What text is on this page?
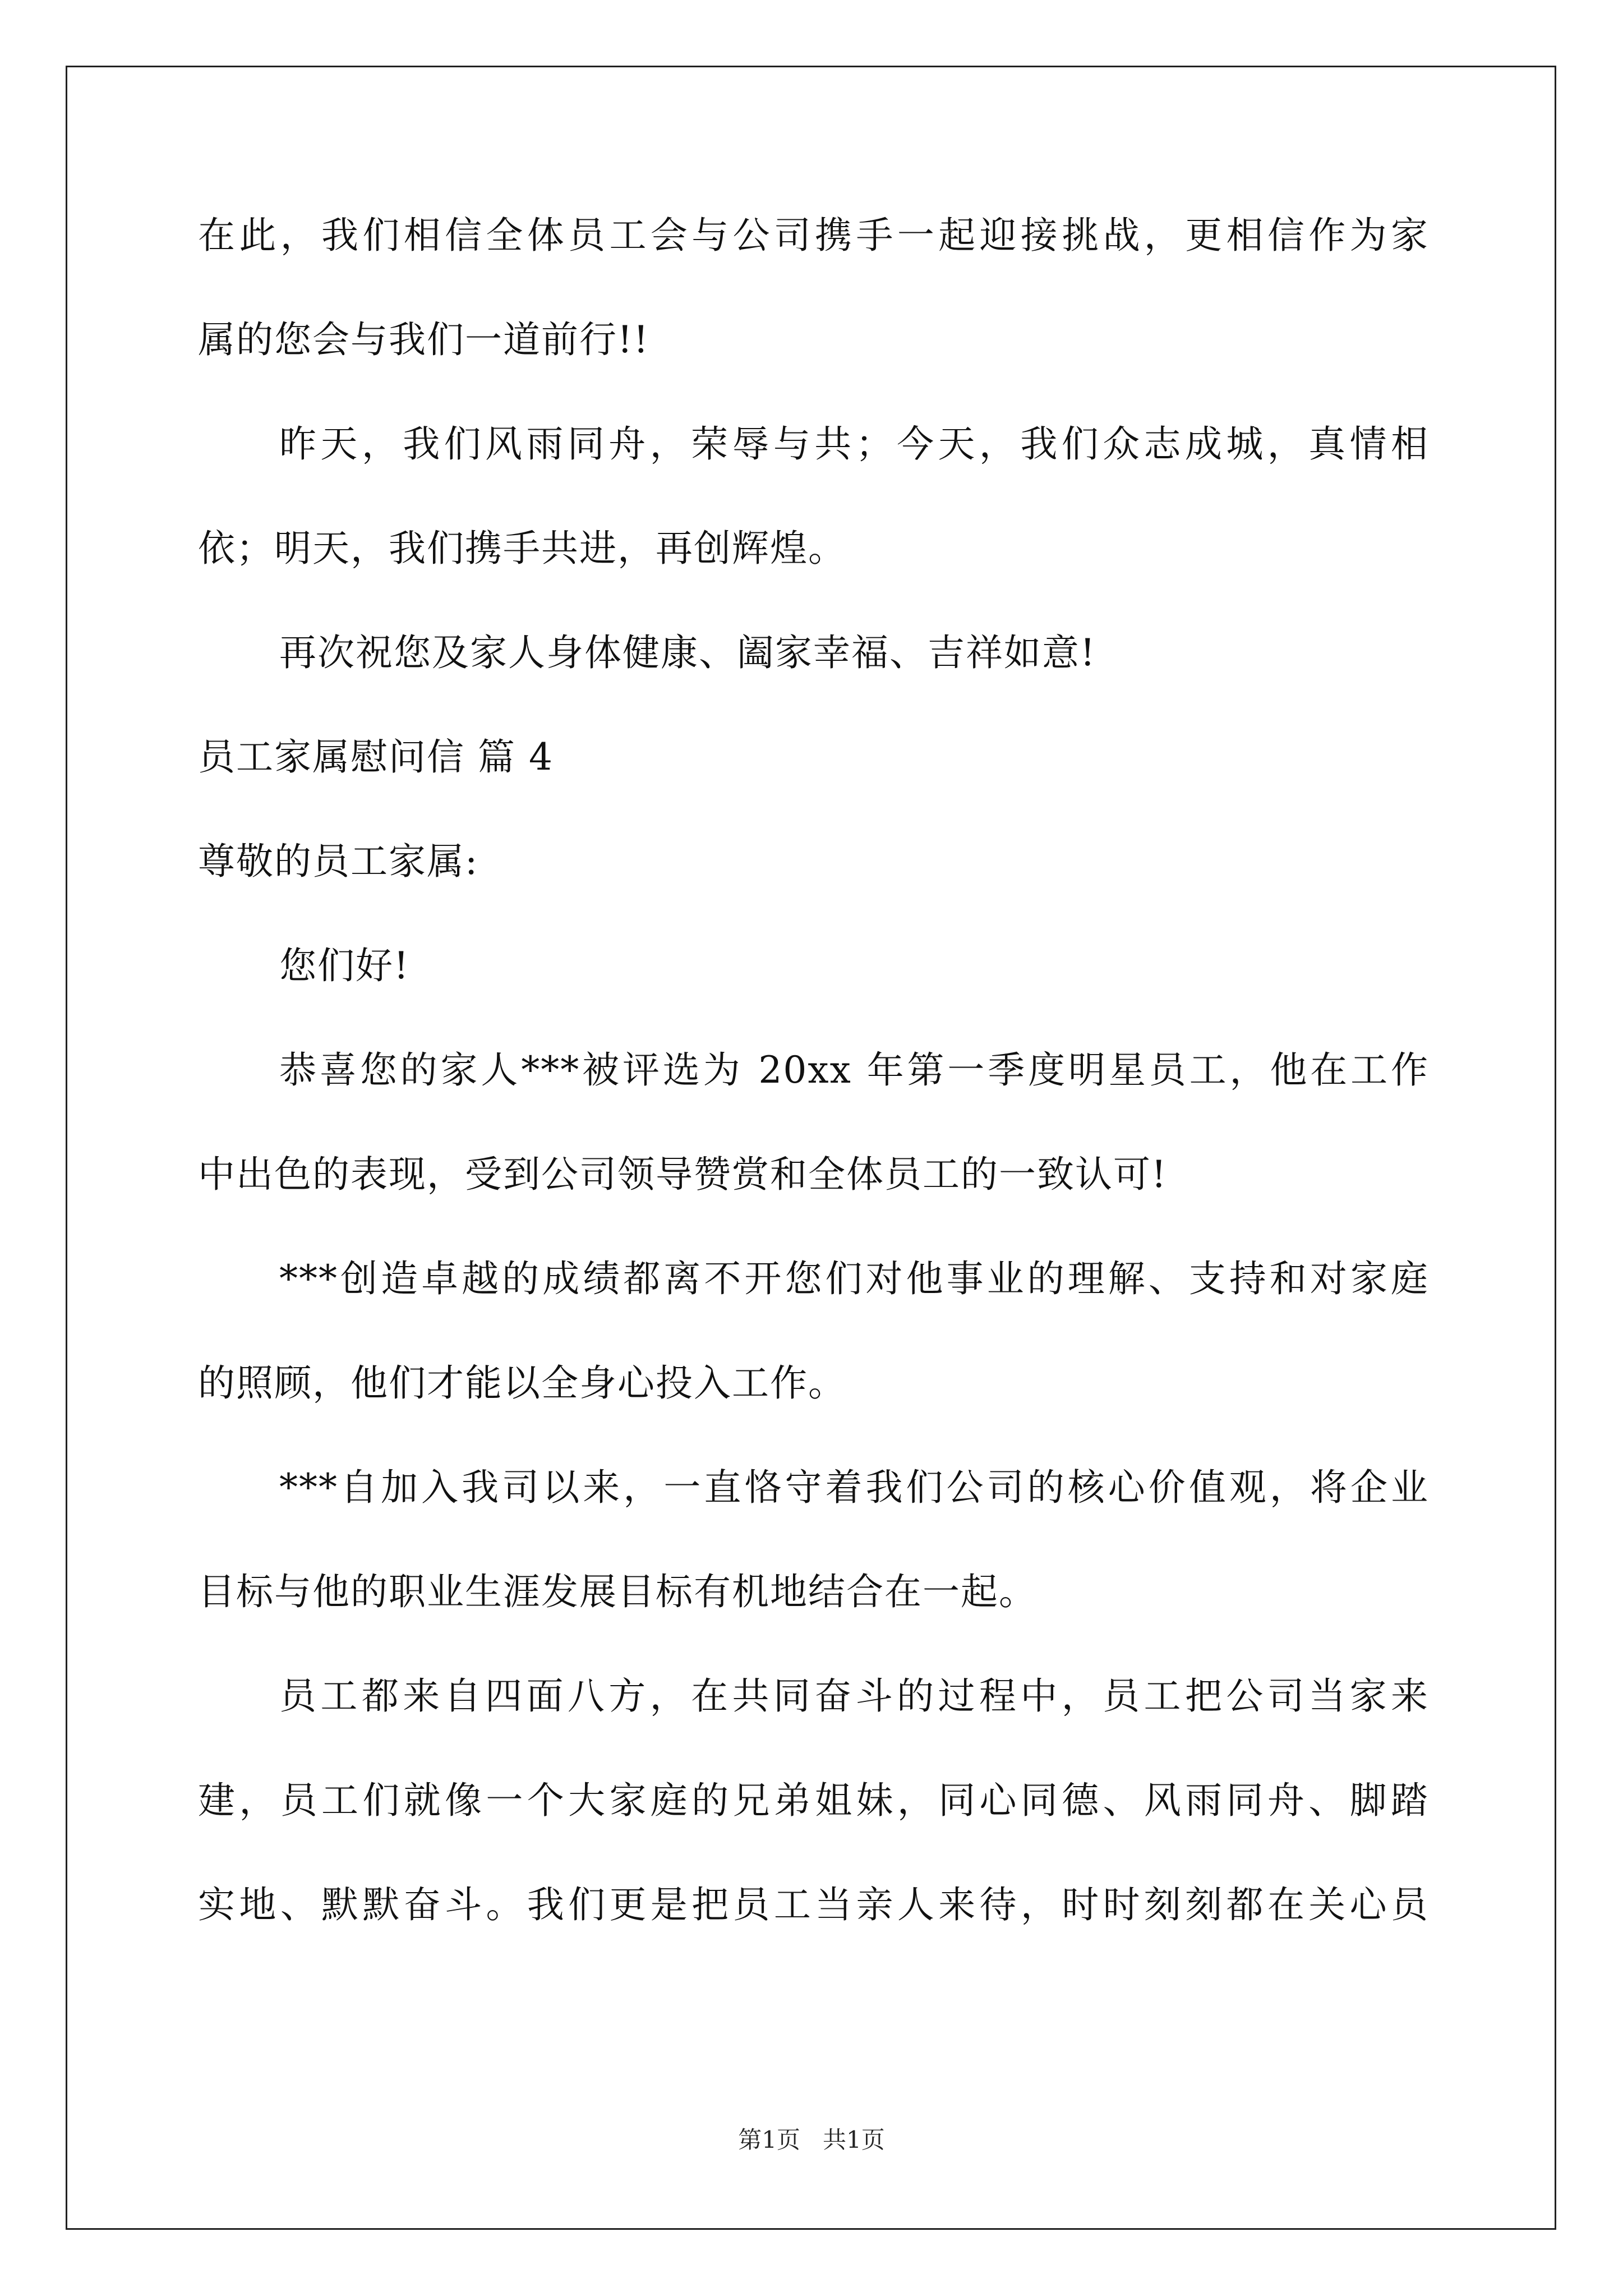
在此，我们相信全体员工会与公司携手一起迎接挑战，更相信作为家
属的您会与我们一道前行!!
昨天，我们风雨同舟，荣辱与共；今天，我们众志成城，真情相
依；明天，我们携手共进，再创辉煌。
再次祝您及家人身体健康、阖家幸福、吉祥如意!
员工家属慰问信 篇 4
尊敬的员工家属:
您们好!
恭喜您的家人***被评选为 20xx 年第一季度明星员工，他在工作
中出色的表现，受到公司领导赞赏和全体员工的一致认可!
***创造卓越的成绩都离不开您们对他事业的理解、支持和对家庭
的照顾，他们才能以全身心投入工作。
***自加入我司以来，一直恪守着我们公司的核心价值观，将企业
目标与他的职业生涯发展目标有机地结合在一起。
员工都来自四面八方，在共同奋斗的过程中，员工把公司当家来
建，员工们就像一个大家庭的兄弟姐妹，同心同德、风雨同舟、脚踏
实地、默默奋斗。我们更是把员工当亲人来待，时时刻刻都在关心员
第1页 共1页
